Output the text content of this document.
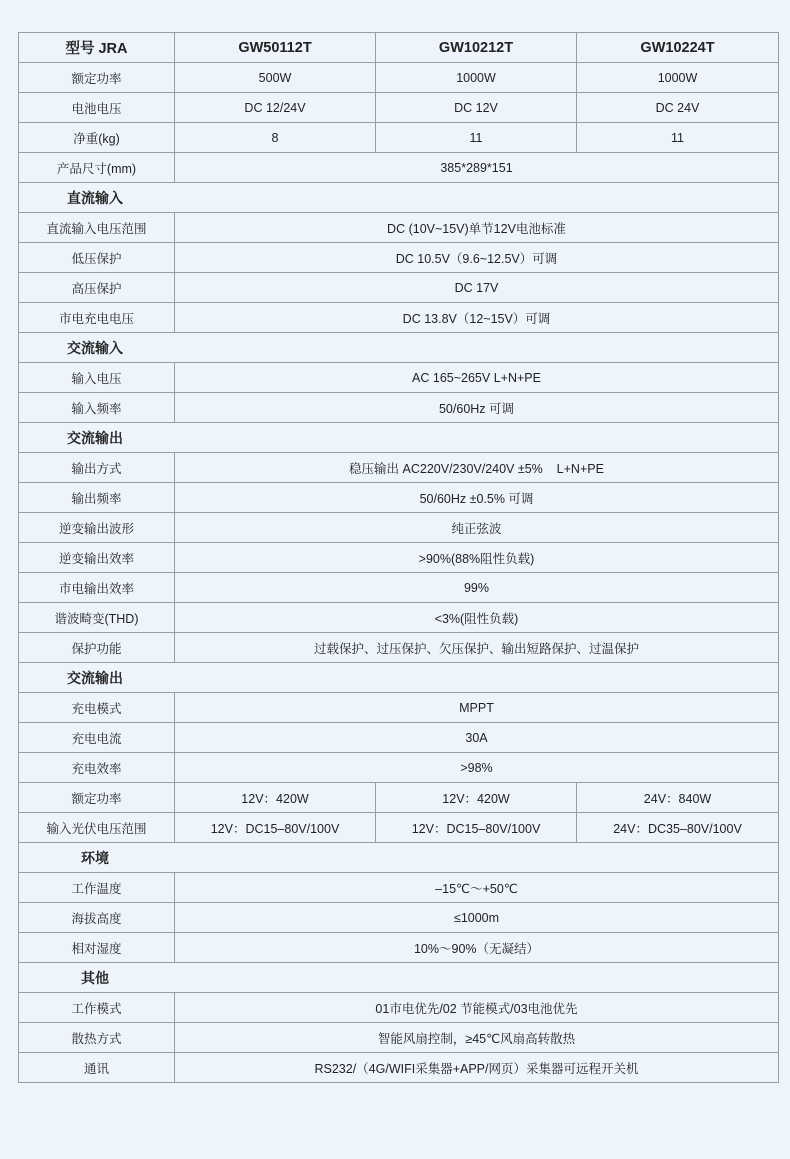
型号 JRA	GW50112T	GW10212T	GW10224T
额定功率	500W	1000W	1000W
电池电压	DC 12/24V	DC 12V	DC 24V
净重(kg)	8	11	11
产品尺寸(mm)	385*289*151		
直流输入			
直流输入电压范围	DC (10V~15V)单节12V电池标准		
低压保护	DC 10.5V（9.6~12.5V）可调		
高压保护	DC 17V		
市电充电电压	DC 13.8V（12~15V）可调		
交流输入			
输入电压	AC 165~265V L+N+PE		
输入频率	50/60Hz 可调		
交流输出			
输出方式	稳压输出 AC220V/230V/240V ±5%    L+N+PE		
输出频率	50/60Hz ±0.5% 可调		
逆变输出波形	纯正弦波		
逆变输出效率	>90%(88%阻性负载)		
市电输出效率	99%		
谐波畸变(THD)	<3%(阻性负载)		
保护功能	过载保护、过压保护、欠压保护、输出短路保护、过温保护		
交流输出			
充电模式	MPPT		
充电电流	30A		
充电效率	>98%		
额定功率	12V：420W	12V：420W	24V：840W
输入光伏电压范围	12V：DC15–80V/100V	12V：DC15–80V/100V	24V：DC35–80V/100V
环境			
工作温度	–15℃～+50℃		
海拔高度	≤1000m		
相对湿度	10%～90%（无凝结）		
其他			
工作模式	01市电优先/02 节能模式/03电池优先		
散热方式	智能风扇控制，≥45℃风扇高转散热		
通讯	RS232/（4G/WIFI采集器+APP/网页）采集器可远程开关机		
